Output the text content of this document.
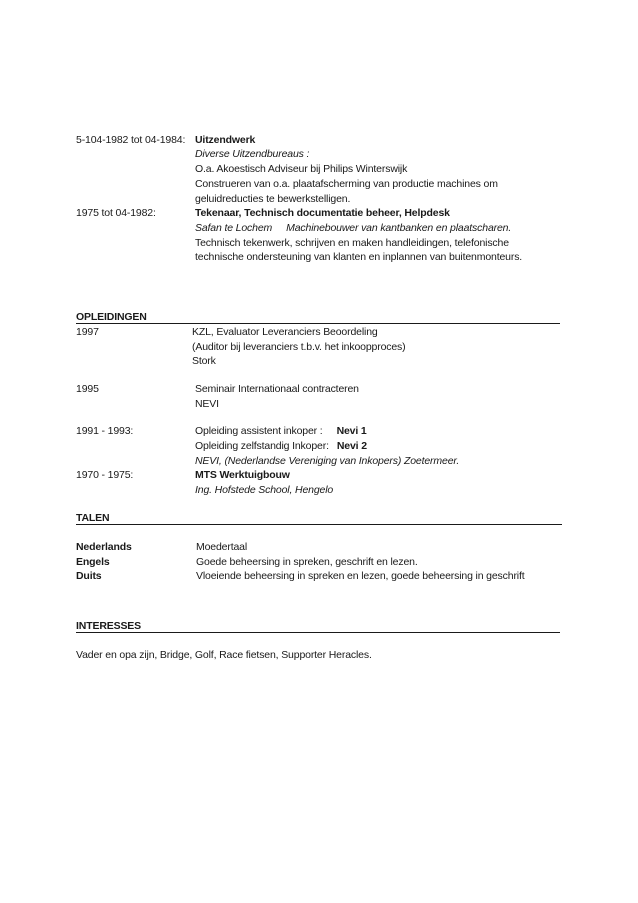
5-104-1982 tot 04-1984: Uitzendwerk
Diverse Uitzendbureaus :
O.a. Akoestisch Adviseur bij Philips Winterswijk
Construeren van o.a. plaatafscherming van productie machines om
geluidreducties te bewerkstelligen.
1975 tot 04-1982:	Tekenaar, Technisch documentatie beheer, Helpdesk
Safan te Lochem Machinebouwer van kantbanken en plaatscharen.
Technisch tekenwerk, schrijven en maken handleidingen, telefonische
technische ondersteuning van klanten en inplannen van buitenmonteurs.
OPLEIDINGEN
1997	KZL, Evaluator Leveranciers Beoordeling
(Auditor bij leveranciers t.b.v. het inkoopproces)
Stork
1995	Seminair Internationaal contracteren
NEVI
1991 - 1993:	Opleiding assistent inkoper : Nevi 1
Opleiding zelfstandig Inkoper: Nevi 2
NEVI, (Nederlandse Vereniging van Inkopers) Zoetermeer.
1970 - 1975:	MTS Werktuigbouw
Ing. Hofstede School, Hengelo
TALEN
Nederlands	Moedertaal
Engels	Goede beheersing in spreken, geschrift en lezen.
Duits	Vloeiende beheersing in spreken en lezen, goede beheersing in geschrift
INTERESSES
Vader en opa zijn, Bridge, Golf, Race fietsen, Supporter Heracles.
